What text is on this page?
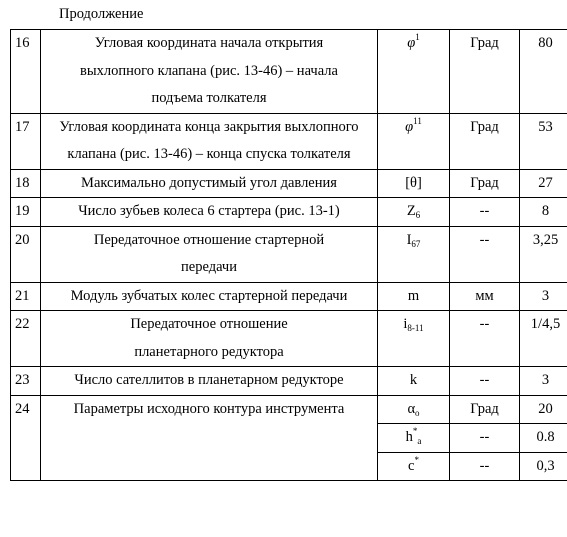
Продолжение
16	Угловая координата начала открытия выхлопного клапана (рис. 13-46) – начала подъема толкателя	$\varphi^1$	Град	80
17	Угловая координата конца закрытия выхлопного клапана (рис. 13-46) – конца спуска толкателя	$\varphi^{11}$	Град	53
18	Максимально допустимый угол давления	[θ]	Град	27
19	Число зубьев колеса 6 стартера (рис. 13-1)	$Z_6$	--	8
20	Передаточное отношение стартерной передачи	$I_{67}$	--	3,25
21	Модуль зубчатых колес стартерной передачи	m	мм	3
22	Передаточное отношение планетарного редуктора	$i_{8-11}$	--	1/4,5
23	Число сателлитов в планетарном редукторе	k	--	3
24	Параметры исходного контура инструмента	$\alpha_o$	Град	20
		$h^*_a$	--	0.8
		c*	--	0,3
